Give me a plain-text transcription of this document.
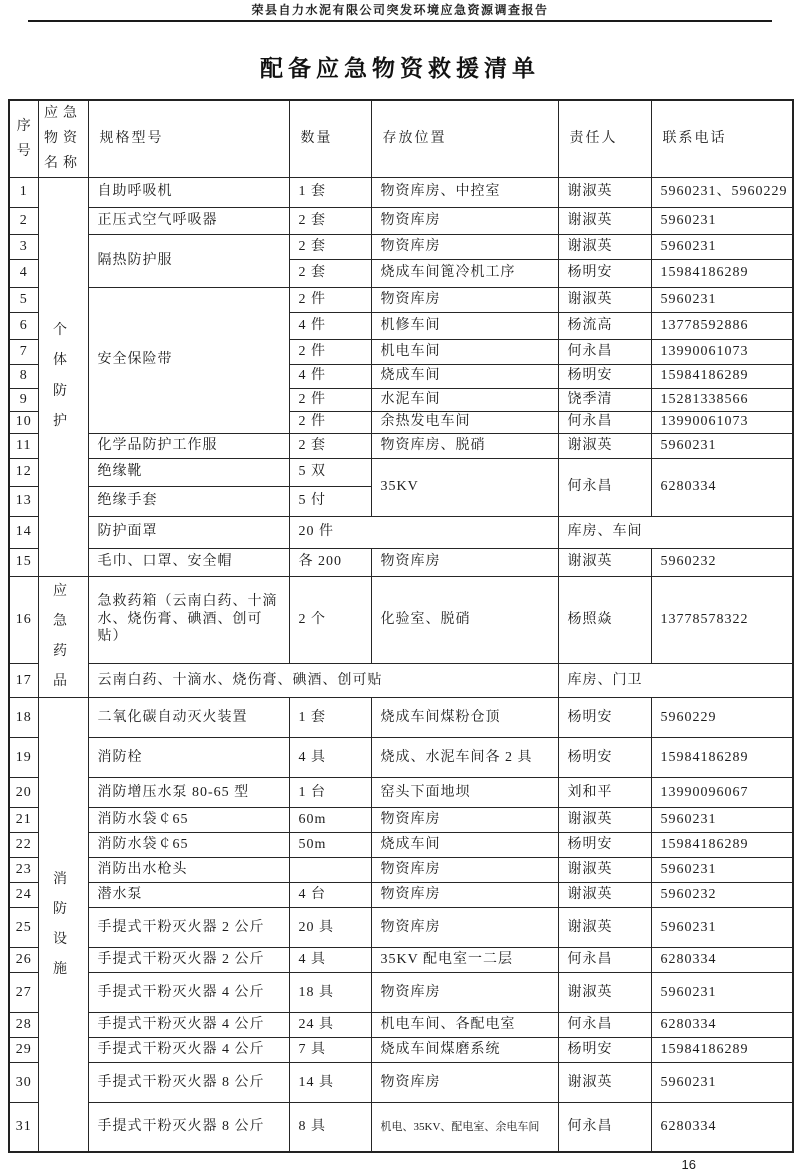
荣县自力水泥有限公司突发环境应急资源调查报告
配备应急物资救援清单
序号	应急物资名称	规格型号	数量	存放位置	责任人	联系电话
1	个体防护	自助呼吸机	1 套	物资库房、中控室	谢淑英	5960231、5960229
2		正压式空气呼吸器	2 套	物资库房	谢淑英	5960231
3		隔热防护服	2 套	物资库房	谢淑英	5960231
4			2 套	烧成车间篦冷机工序	杨明安	15984186289
5		安全保险带	2 件	物资库房	谢淑英	5960231
6			4 件	机修车间	杨流高	13778592886
7			2 件	机电车间	何永昌	13990061073
8			4 件	烧成车间	杨明安	15984186289
9			2 件	水泥车间	饶季清	15281338566
10			2 件	余热发电车间	何永昌	13990061073
11		化学品防护工作服	2 套	物资库房、脱硝	谢淑英	5960231
12		绝缘靴	5 双	35KV	何永昌	6280334
13		绝缘手套	5 付			
14		防护面罩	20 件		库房、车间	
15		毛巾、口罩、安全帽	各 200	物资库房	谢淑英	5960232
16	应急药品	急救药箱（云南白药、十滴水、烧伤膏、碘酒、创可贴）	2 个	化验室、脱硝	杨照焱	13778578322
17		云南白药、十滴水、烧伤膏、碘酒、创可贴			库房、门卫	
18	消防设施	二氧化碳自动灭火装置	1 套	烧成车间煤粉仓顶	杨明安	5960229
19		消防栓	4 具	烧成、水泥车间各 2 具	杨明安	15984186289
20		消防增压水泵 80-65 型	1 台	窑头下面地坝	刘和平	13990096067
21		消防水袋￠65	60m	物资库房	谢淑英	5960231
22		消防水袋￠65	50m	烧成车间	杨明安	15984186289
23		消防出水枪头		物资库房	谢淑英	5960231
24		潜水泵	4 台	物资库房	谢淑英	5960232
25		手提式干粉灭火器 2 公斤	20 具	物资库房	谢淑英	5960231
26		手提式干粉灭火器 2 公斤	4 具	35KV 配电室一二层	何永昌	6280334
27		手提式干粉灭火器 4 公斤	18 具	物资库房	谢淑英	5960231
28		手提式干粉灭火器 4 公斤	24 具	机电车间、各配电室	何永昌	6280334
29		手提式干粉灭火器 4 公斤	7 具	烧成车间煤磨系统	杨明安	15984186289
30		手提式干粉灭火器 8 公斤	14 具	物资库房	谢淑英	5960231
31		手提式干粉灭火器 8 公斤	8 具	机电、35KV、配电室、余电车间	何永昌	6280334
16
